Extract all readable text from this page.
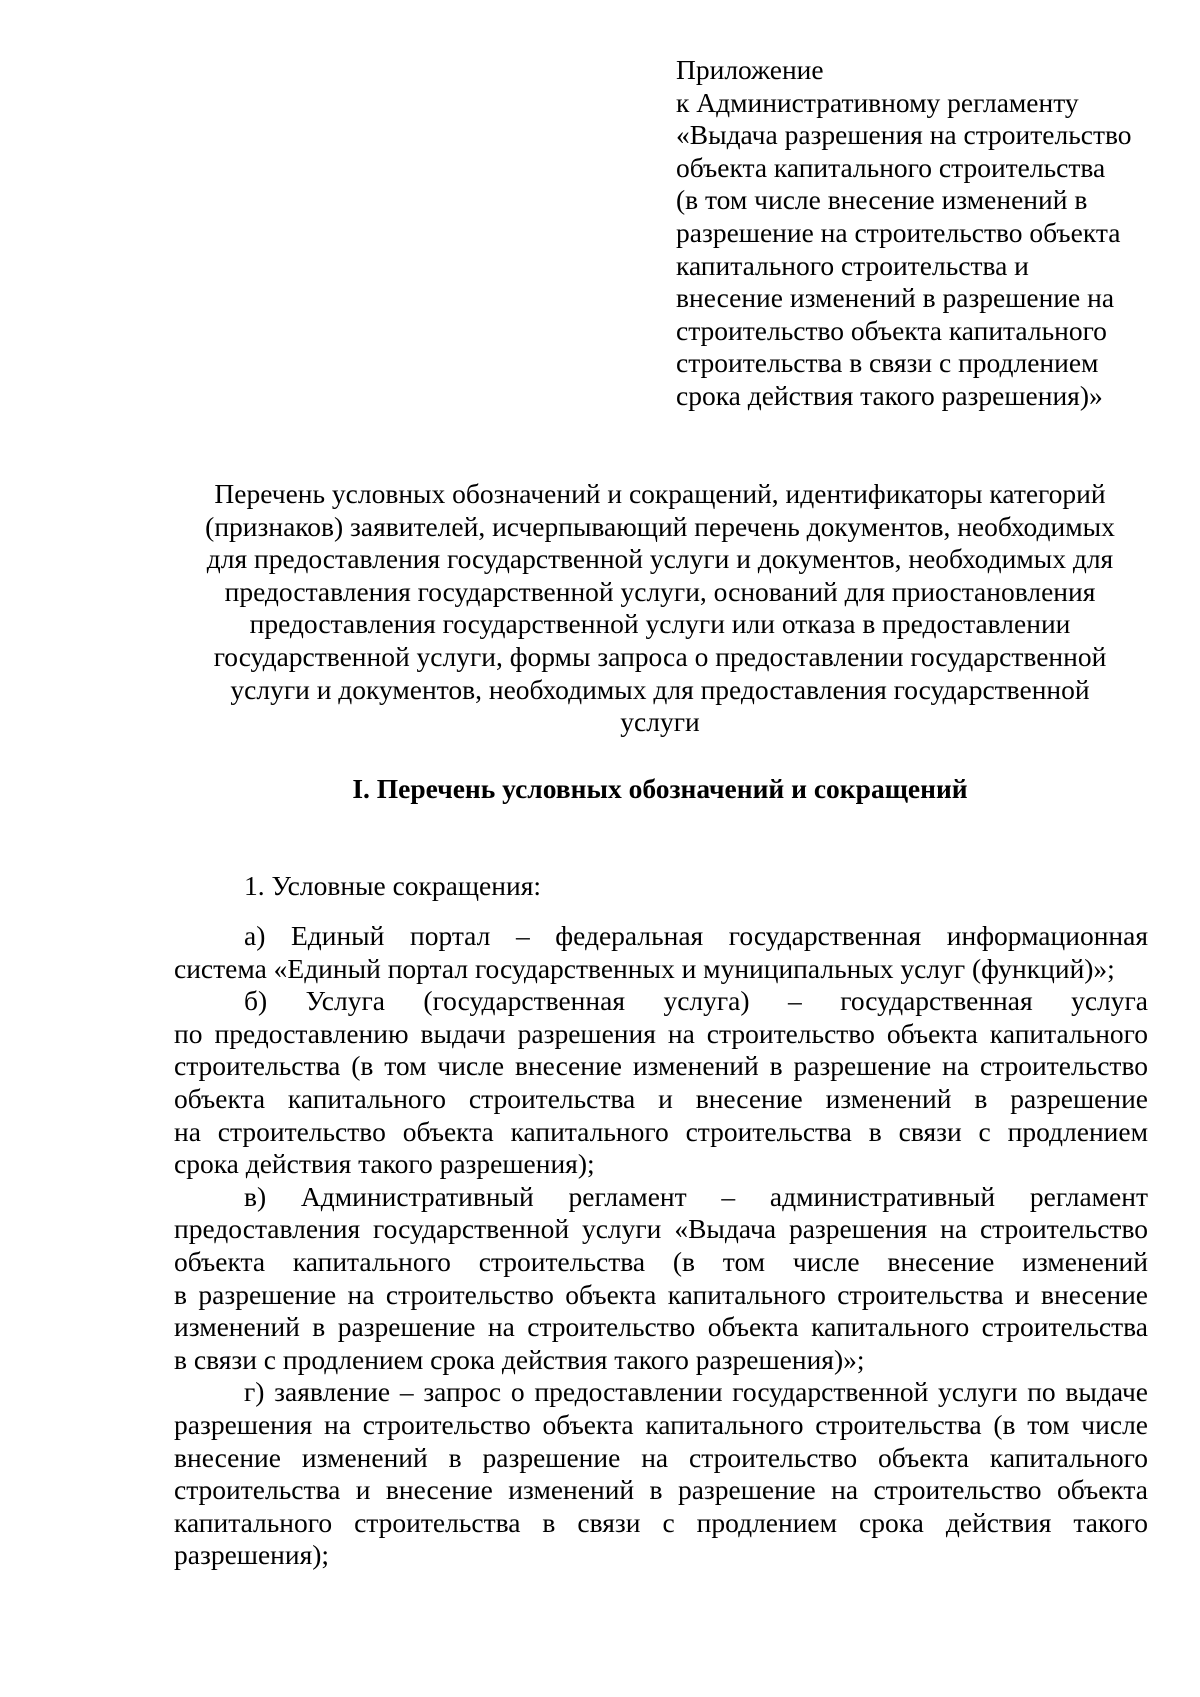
Приложение
к Административному регламенту
«Выдача разрешения на строительство
объекта капитального строительства
(в том числе внесение изменений в
разрешение на строительство объекта
капитального строительства и
внесение изменений в разрешение на
строительство объекта капитального
строительства в связи с продлением
срока действия такого разрешения)»
Перечень условных обозначений и сокращений, идентификаторы категорий
(признаков) заявителей, исчерпывающий перечень документов, необходимых
для предоставления государственной услуги и документов, необходимых для
предоставления государственной услуги, оснований для приостановления
предоставления государственной услуги или отказа в предоставлении
государственной услуги, формы запроса о предоставлении государственной
услуги и документов, необходимых для предоставления государственной
услуги
I. Перечень условных обозначений и сокращений
1. Условные сокращения:
а) Единый портал – федеральная государственная информационная
система «Единый портал государственных и муниципальных услуг (функций)»;
б) Услуга (государственная услуга) – государственная услуга
по предоставлению выдачи разрешения на строительство объекта капитального
строительства (в том числе внесение изменений в разрешение на строительство
объекта капитального строительства и внесение изменений в разрешение
на строительство объекта капитального строительства в связи с продлением
срока действия такого разрешения);
в) Административный регламент – административный регламент
предоставления государственной услуги «Выдача разрешения на строительство
объекта капитального строительства (в том числе внесение изменений
в разрешение на строительство объекта капитального строительства и внесение
изменений в разрешение на строительство объекта капитального строительства
в связи с продлением срока действия такого разрешения)»;
г) заявление – запрос о предоставлении государственной услуги по выдаче
разрешения на строительство объекта капитального строительства (в том числе
внесение изменений в разрешение на строительство объекта капитального
строительства и внесение изменений в разрешение на строительство объекта
капитального строительства в связи с продлением срока действия такого
разрешения);
